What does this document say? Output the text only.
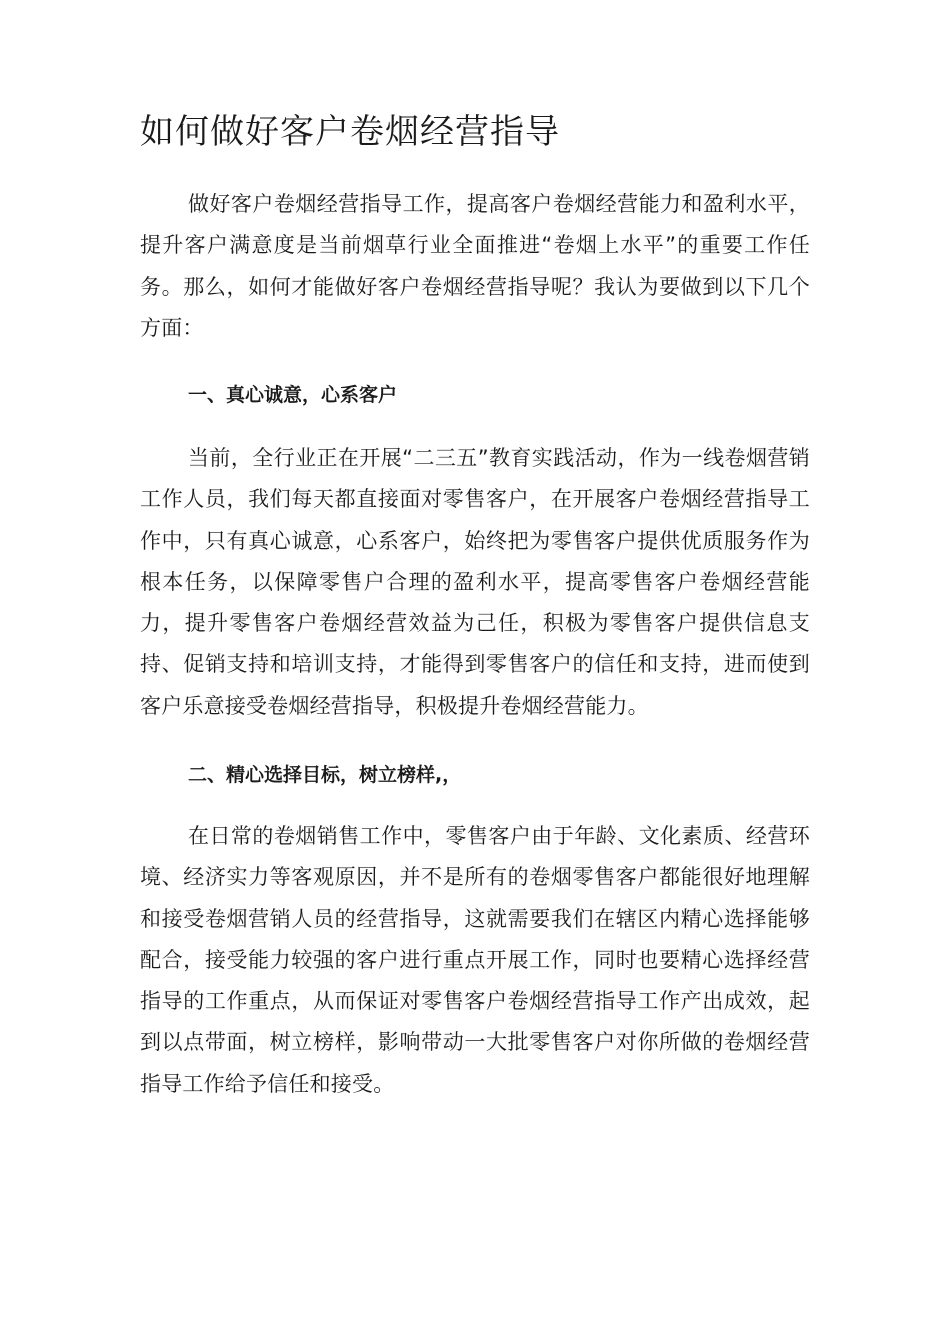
如何做好客户卷烟经营指导

做好客户卷烟经营指导工作，提高客户卷烟经营能力和盈利水平，提升客户满意度是当前烟草行业全面推进“卷烟上水平”的重要工作任务。那么，如何才能做好客户卷烟经营指导呢？我认为要做到以下几个方面：

一、真心诚意，心系客户

当前，全行业正在开展“二三五”教育实践活动，作为一线卷烟营销工作人员，我们每天都直接面对零售客户，在开展客户卷烟经营指导工作中，只有真心诚意，心系客户，始终把为零售客户提供优质服务作为根本任务，以保障零售户合理的盈利水平，提高零售客户卷烟经营能力，提升零售客户卷烟经营效益为己任，积极为零售客户提供信息支持、促销支持和培训支持，才能得到零售客户的信任和支持，进而使到客户乐意接受卷烟经营指导，积极提升卷烟经营能力。

二、精心选择目标，树立榜样,，

在日常的卷烟销售工作中，零售客户由于年龄、文化素质、经营环境、经济实力等客观原因，并不是所有的卷烟零售客户都能很好地理解和接受卷烟营销人员的经营指导，这就需要我们在辖区内精心选择能够配合，接受能力较强的客户进行重点开展工作，同时也要精心选择经营指导的工作重点，从而保证对零售客户卷烟经营指导工作产出成效，起到以点带面，树立榜样，影响带动一大批零售客户对你所做的卷烟经营指导工作给予信任和接受。
